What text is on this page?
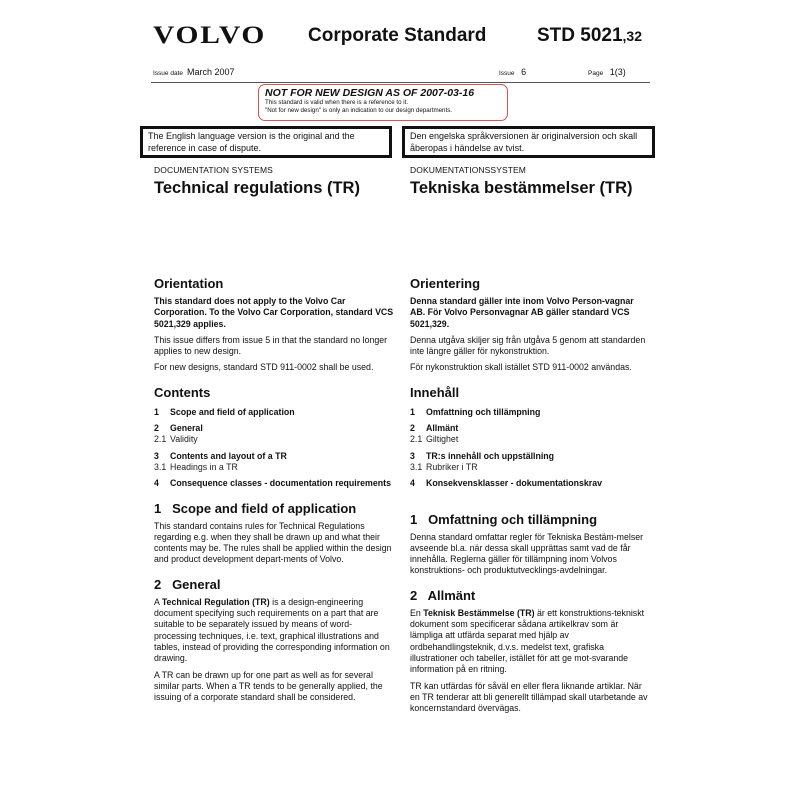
VOLVO Corporate Standard	STD 5021,32
Issue date March 2007	Issue 6	Page 1(3)
NOT FOR NEW DESIGN AS OF 2007-03-16
This standard is valid when there is a reference to it.
"Not for new design" is only an indication to our design departments.
The English language version is the original and the reference in case of dispute.
Den engelska språkversionen är originalversion och skall åberopas i händelse av tvist.
DOCUMENTATION SYSTEMS
Technical regulations (TR)
Orientation

This standard does not apply to the Volvo Car Corporation. To the Volvo Car Corporation, standard VCS 5021,329 applies.

This issue differs from issue 5 in that the standard no longer applies to new design.

For new designs, standard STD 911-0002 shall be used.

Contents
1	Scope and field of application
2	General
2.1 Validity
3	Contents and layout of a TR
3.1 Headings in a TR
4	Consequence classes - documentation requirements
1   Scope and field of application

This standard contains rules for Technical Regulations regarding e.g. when they shall be drawn up and what their contents may be. The rules shall be applied within the design and product development depart-ments of Volvo.

2   General

A Technical Regulation (TR) is a design-engineering document specifying such requirements on a part that are suitable to be separately issued by means of word-processing techniques, i.e. text, graphical illustrations and tables, instead of providing the corresponding information on drawing.

A TR can be drawn up for one part as well as for several similar parts. When a TR tends to be generally applied, the issuing of a corporate standard shall be considered.

DOKUMENTATIONSSYSTEM
Tekniska bestämmelser (TR)
Orientering

Denna standard gäller inte inom Volvo Person-vagnar AB. För Volvo Personvagnar AB gäller standard VCS 5021,329.

Denna utgåva skiljer sig från utgåva 5 genom att standarden inte längre gäller för nykonstruktion.

För nykonstruktion skall istället STD 911-0002 användas.

Innehåll
1	Omfattning och tillämpning
2	Allmänt
2.1 Giltighet
3	TR:s innehåll och uppställning
3.1 Rubriker i TR
4	Konsekvensklasser - dokumentationskrav
1   Omfattning och tillämpning

Denna standard omfattar regler för Tekniska Bestäm-melser avseende bl.a. när dessa skall upprättas samt vad de får innehålla. Reglerna gäller för tillämpning inom Volvos konstruktions- och produktutvecklings-avdelningar.

2   Allmänt

En Teknisk Bestämmelse (TR) är ett konstruktions-tekniskt dokument som specificerar sådana artikelkrav som är lämpliga att utfärda separat med hjälp av ordbehandlingsteknik, d.v.s. medelst text, grafiska illustrationer och tabeller, istället för att ge mot-svarande information på en ritning.

TR kan utfärdas för såväl en eller flera liknande artiklar. När en TR tenderar att bli generellt tillämpad skall utarbetande av koncernstandard övervägas.
